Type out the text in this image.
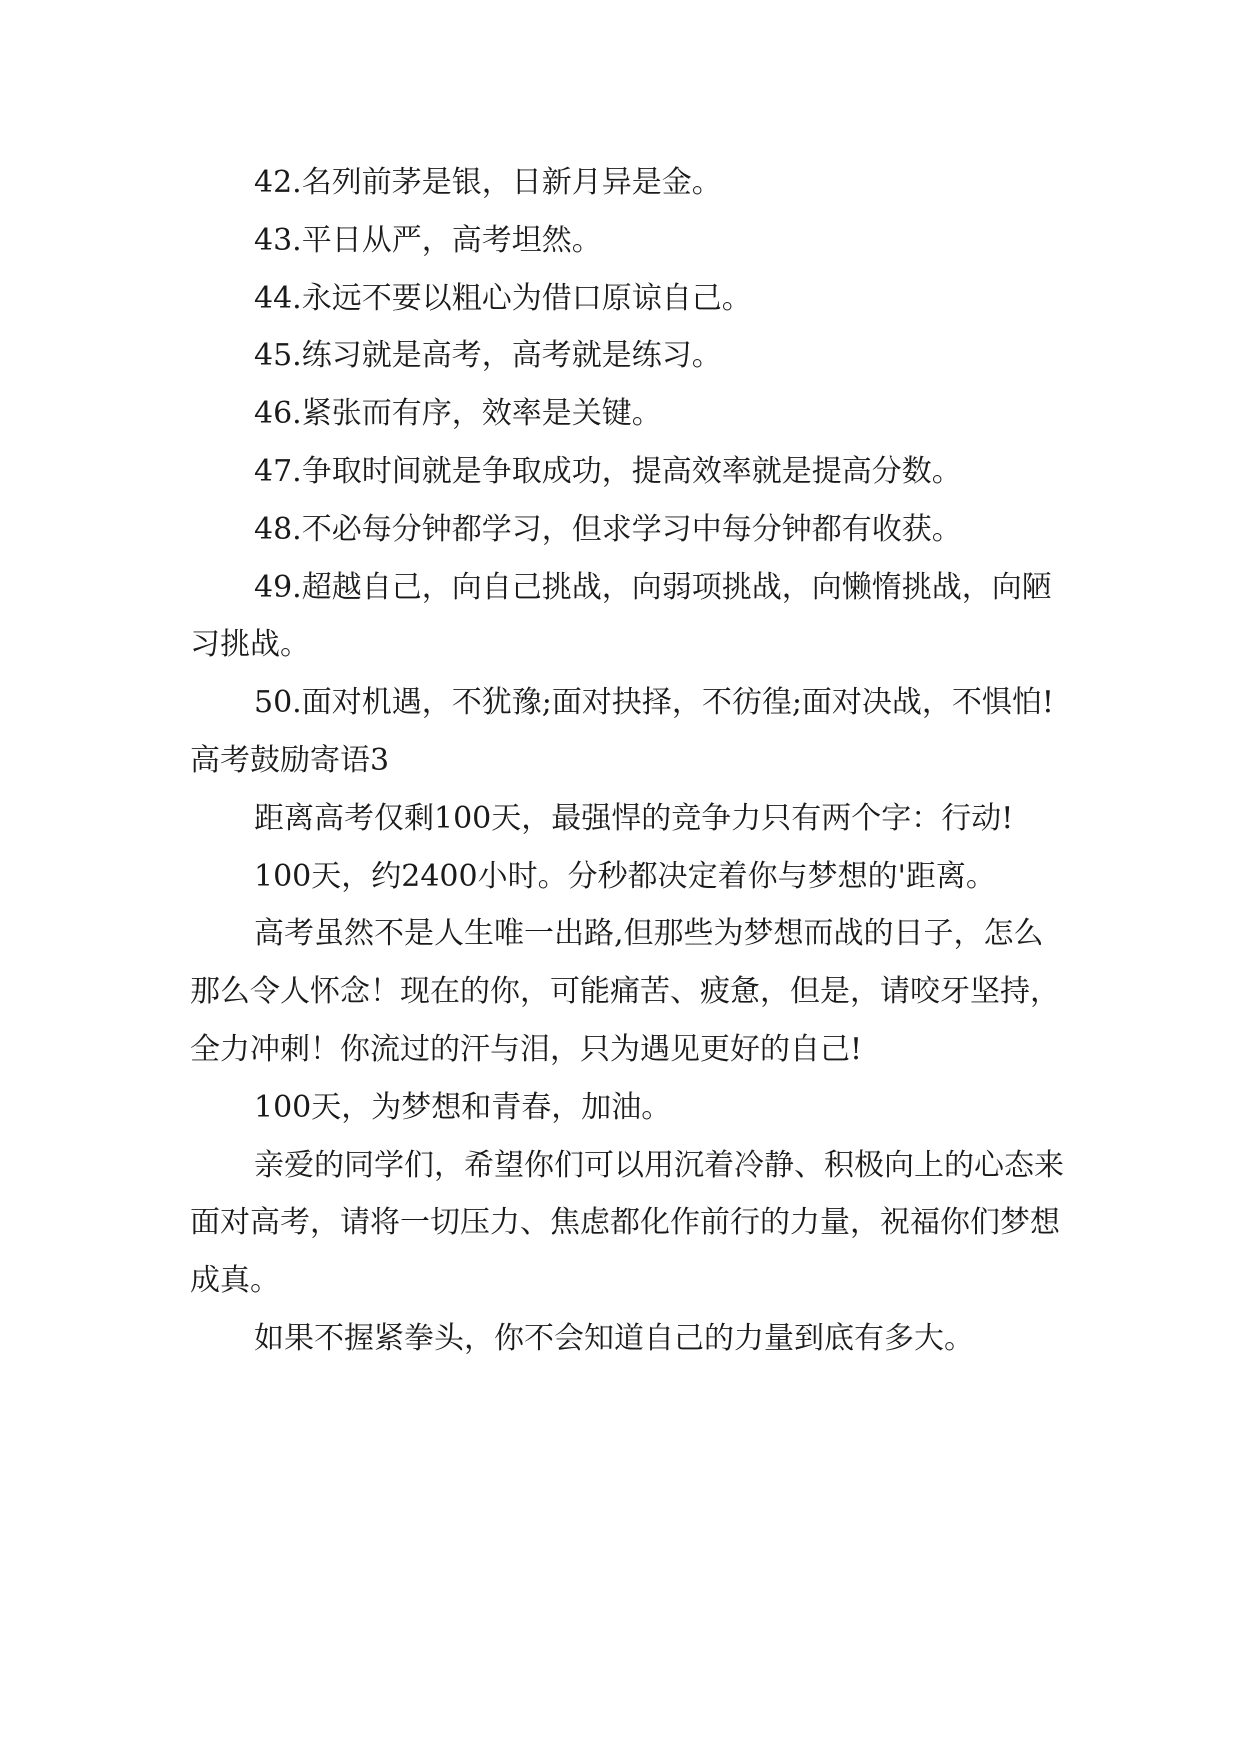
42.名列前茅是银，日新月异是金。

43.平日从严，高考坦然。

44.永远不要以粗心为借口原谅自己。

45.练习就是高考，高考就是练习。

46.紧张而有序，效率是关键。

47.争取时间就是争取成功，提高效率就是提高分数。

48.不必每分钟都学习，但求学习中每分钟都有收获。

49.超越自己，向自己挑战，向弱项挑战，向懒惰挑战，向陋习挑战。

50.面对机遇，不犹豫;面对抉择，不彷徨;面对决战，不惧怕!

高考鼓励寄语3

距离高考仅剩100天，最强悍的竞争力只有两个字：行动!

100天，约2400小时。分秒都决定着你与梦想的'距离。

高考虽然不是人生唯一出路,但那些为梦想而战的日子，怎么那么令人怀念！现在的你，可能痛苦、疲惫，但是，请咬牙坚持，全力冲刺！你流过的汗与泪，只为遇见更好的自己!

100天，为梦想和青春，加油。

亲爱的同学们，希望你们可以用沉着冷静、积极向上的心态来面对高考，请将一切压力、焦虑都化作前行的力量，祝福你们梦想成真。

如果不握紧拳头，你不会知道自己的力量到底有多大。
